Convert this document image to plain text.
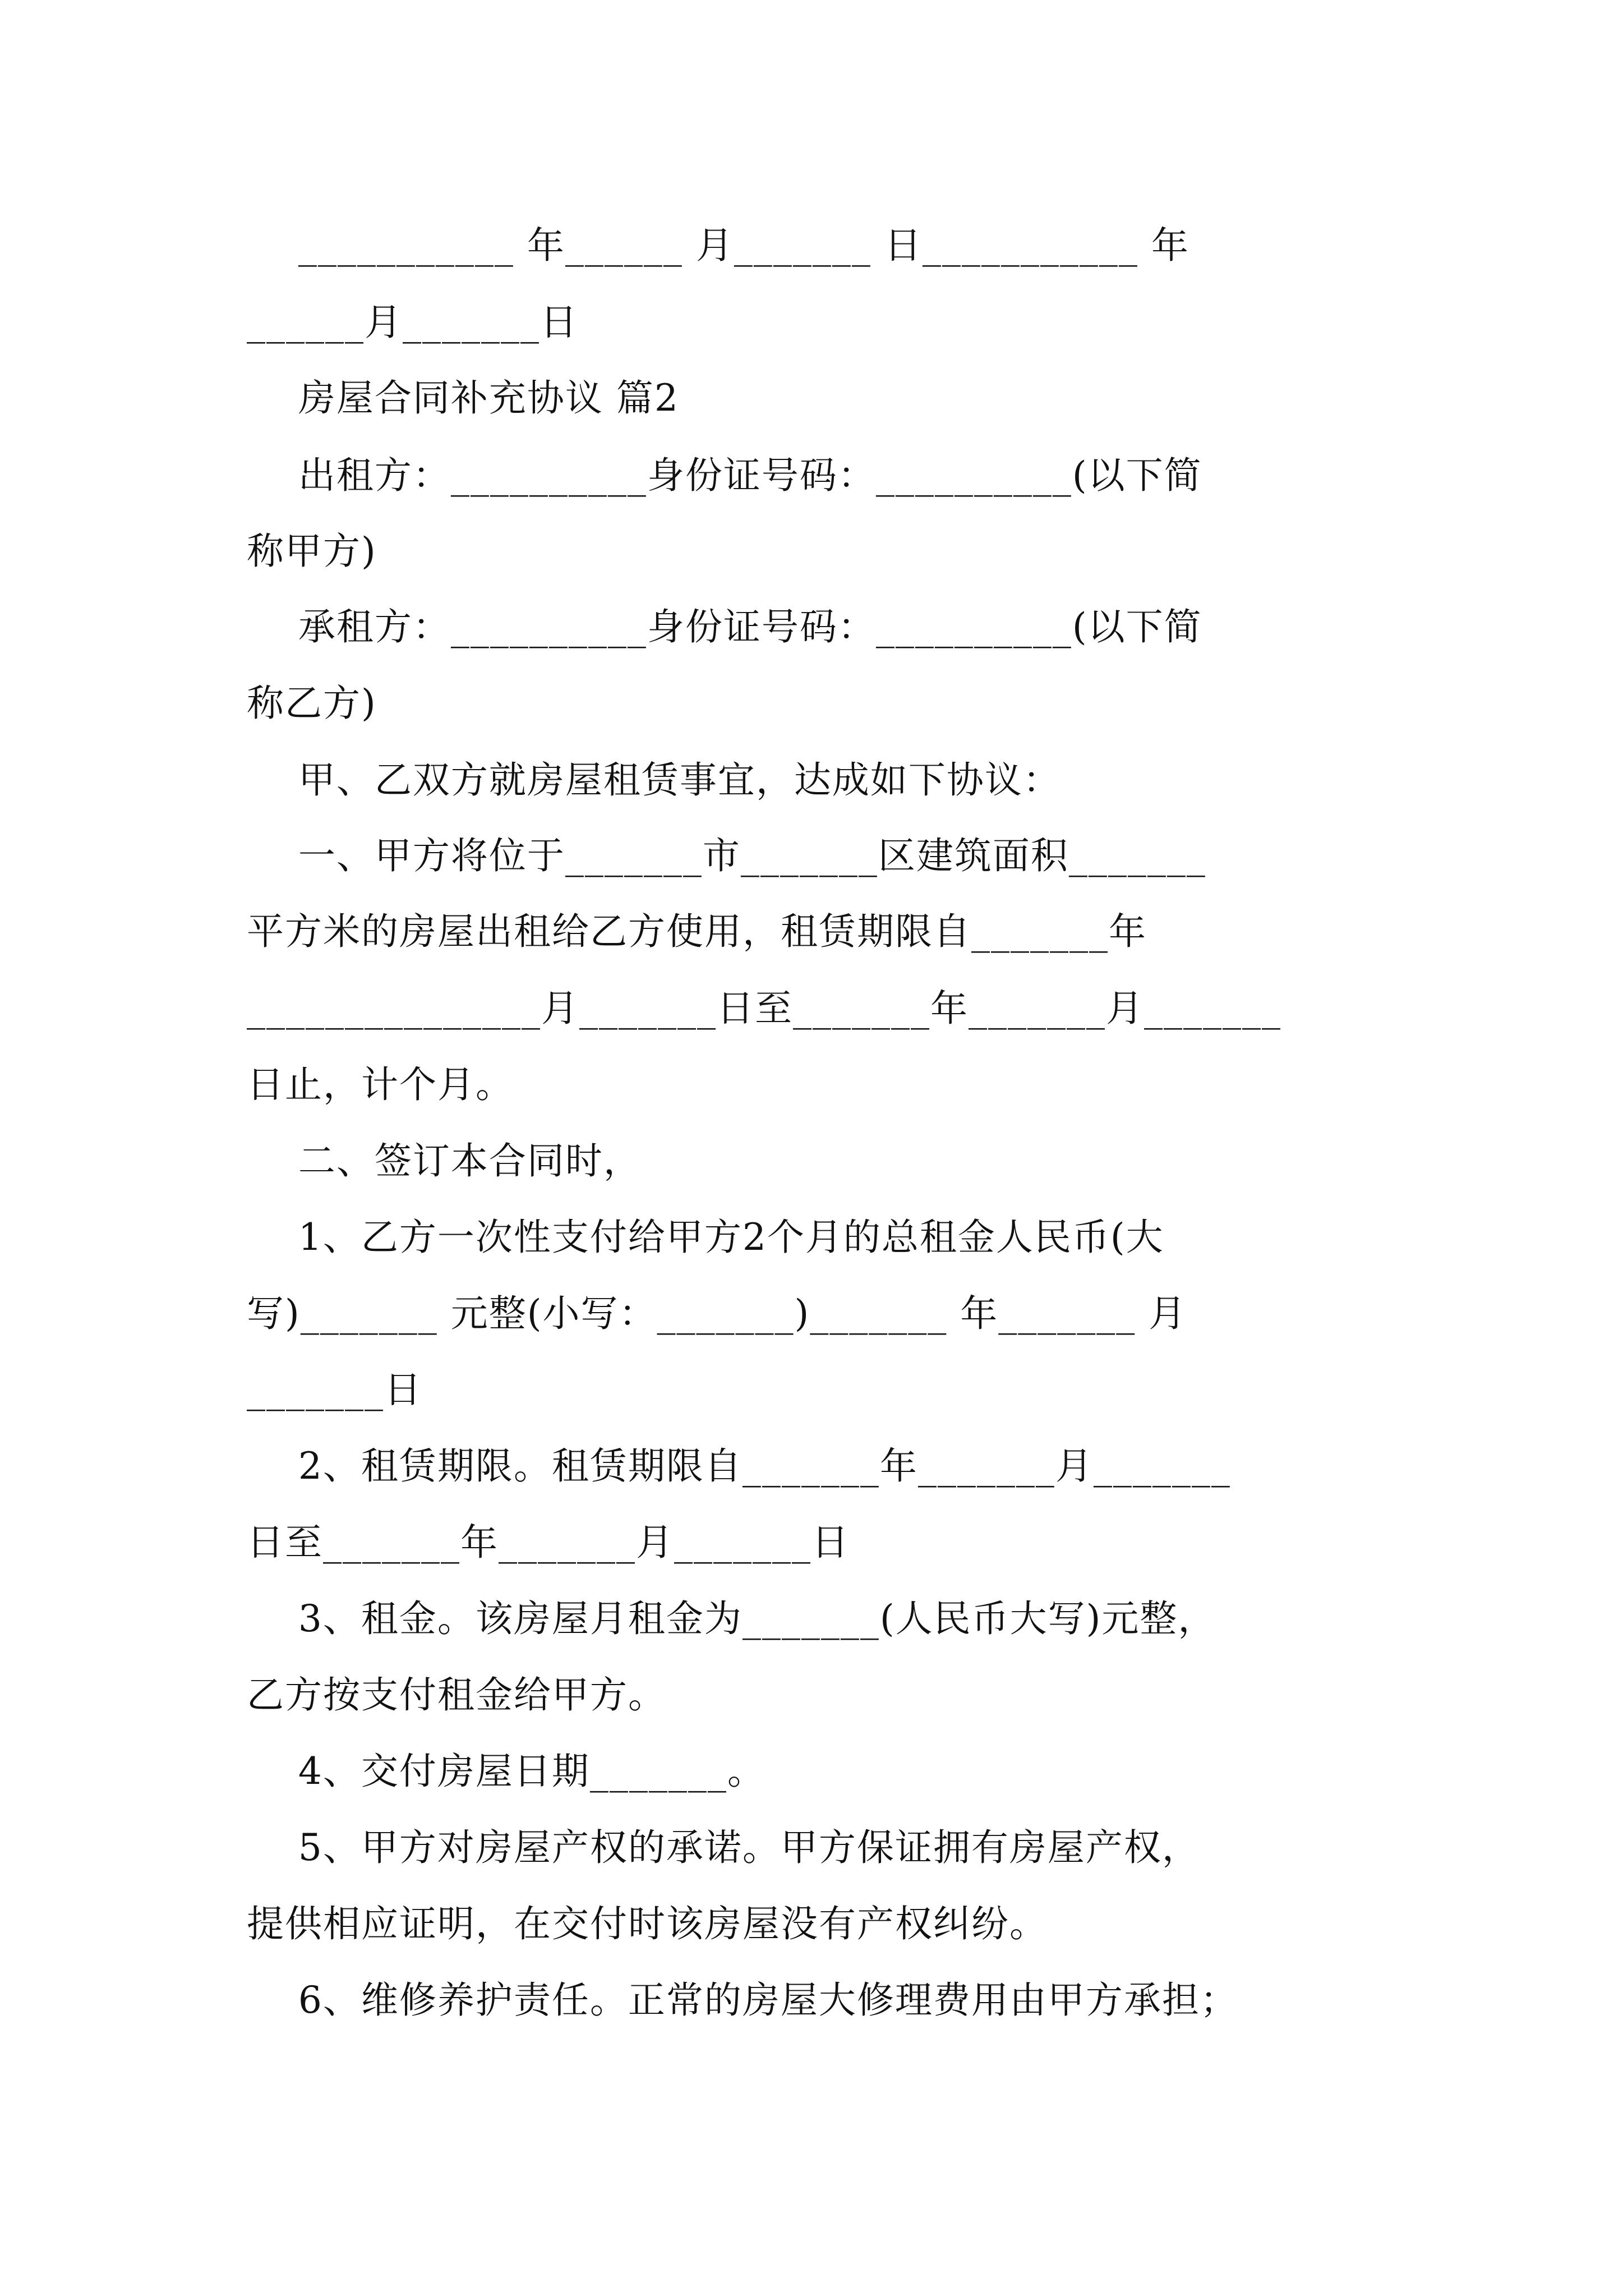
___________ 年______ 月_______ 日___________ 年
______月_______日
房屋合同补充协议 篇2
出租方：__________身份证号码：__________(以下简
称甲方)
承租方：__________身份证号码：__________(以下简
称乙方)
甲、乙双方就房屋租赁事宜，达成如下协议：
一、甲方将位于_______市_______区建筑面积_______
平方米的房屋出租给乙方使用，租赁期限自_______年
_______________月_______日至_______年_______月_______
日止，计个月。
二、签订本合同时，
1、乙方一次性支付给甲方2个月的总租金人民币(大
写)_______ 元整(小写：_______)_______ 年_______ 月
_______日
2、租赁期限。租赁期限自_______年_______月_______
日至_______年_______月_______日
3、租金。该房屋月租金为_______(人民币大写)元整，
乙方按支付租金给甲方。
4、交付房屋日期_______。
5、甲方对房屋产权的承诺。甲方保证拥有房屋产权，
提供相应证明，在交付时该房屋没有产权纠纷。
6、维修养护责任。正常的房屋大修理费用由甲方承担；
